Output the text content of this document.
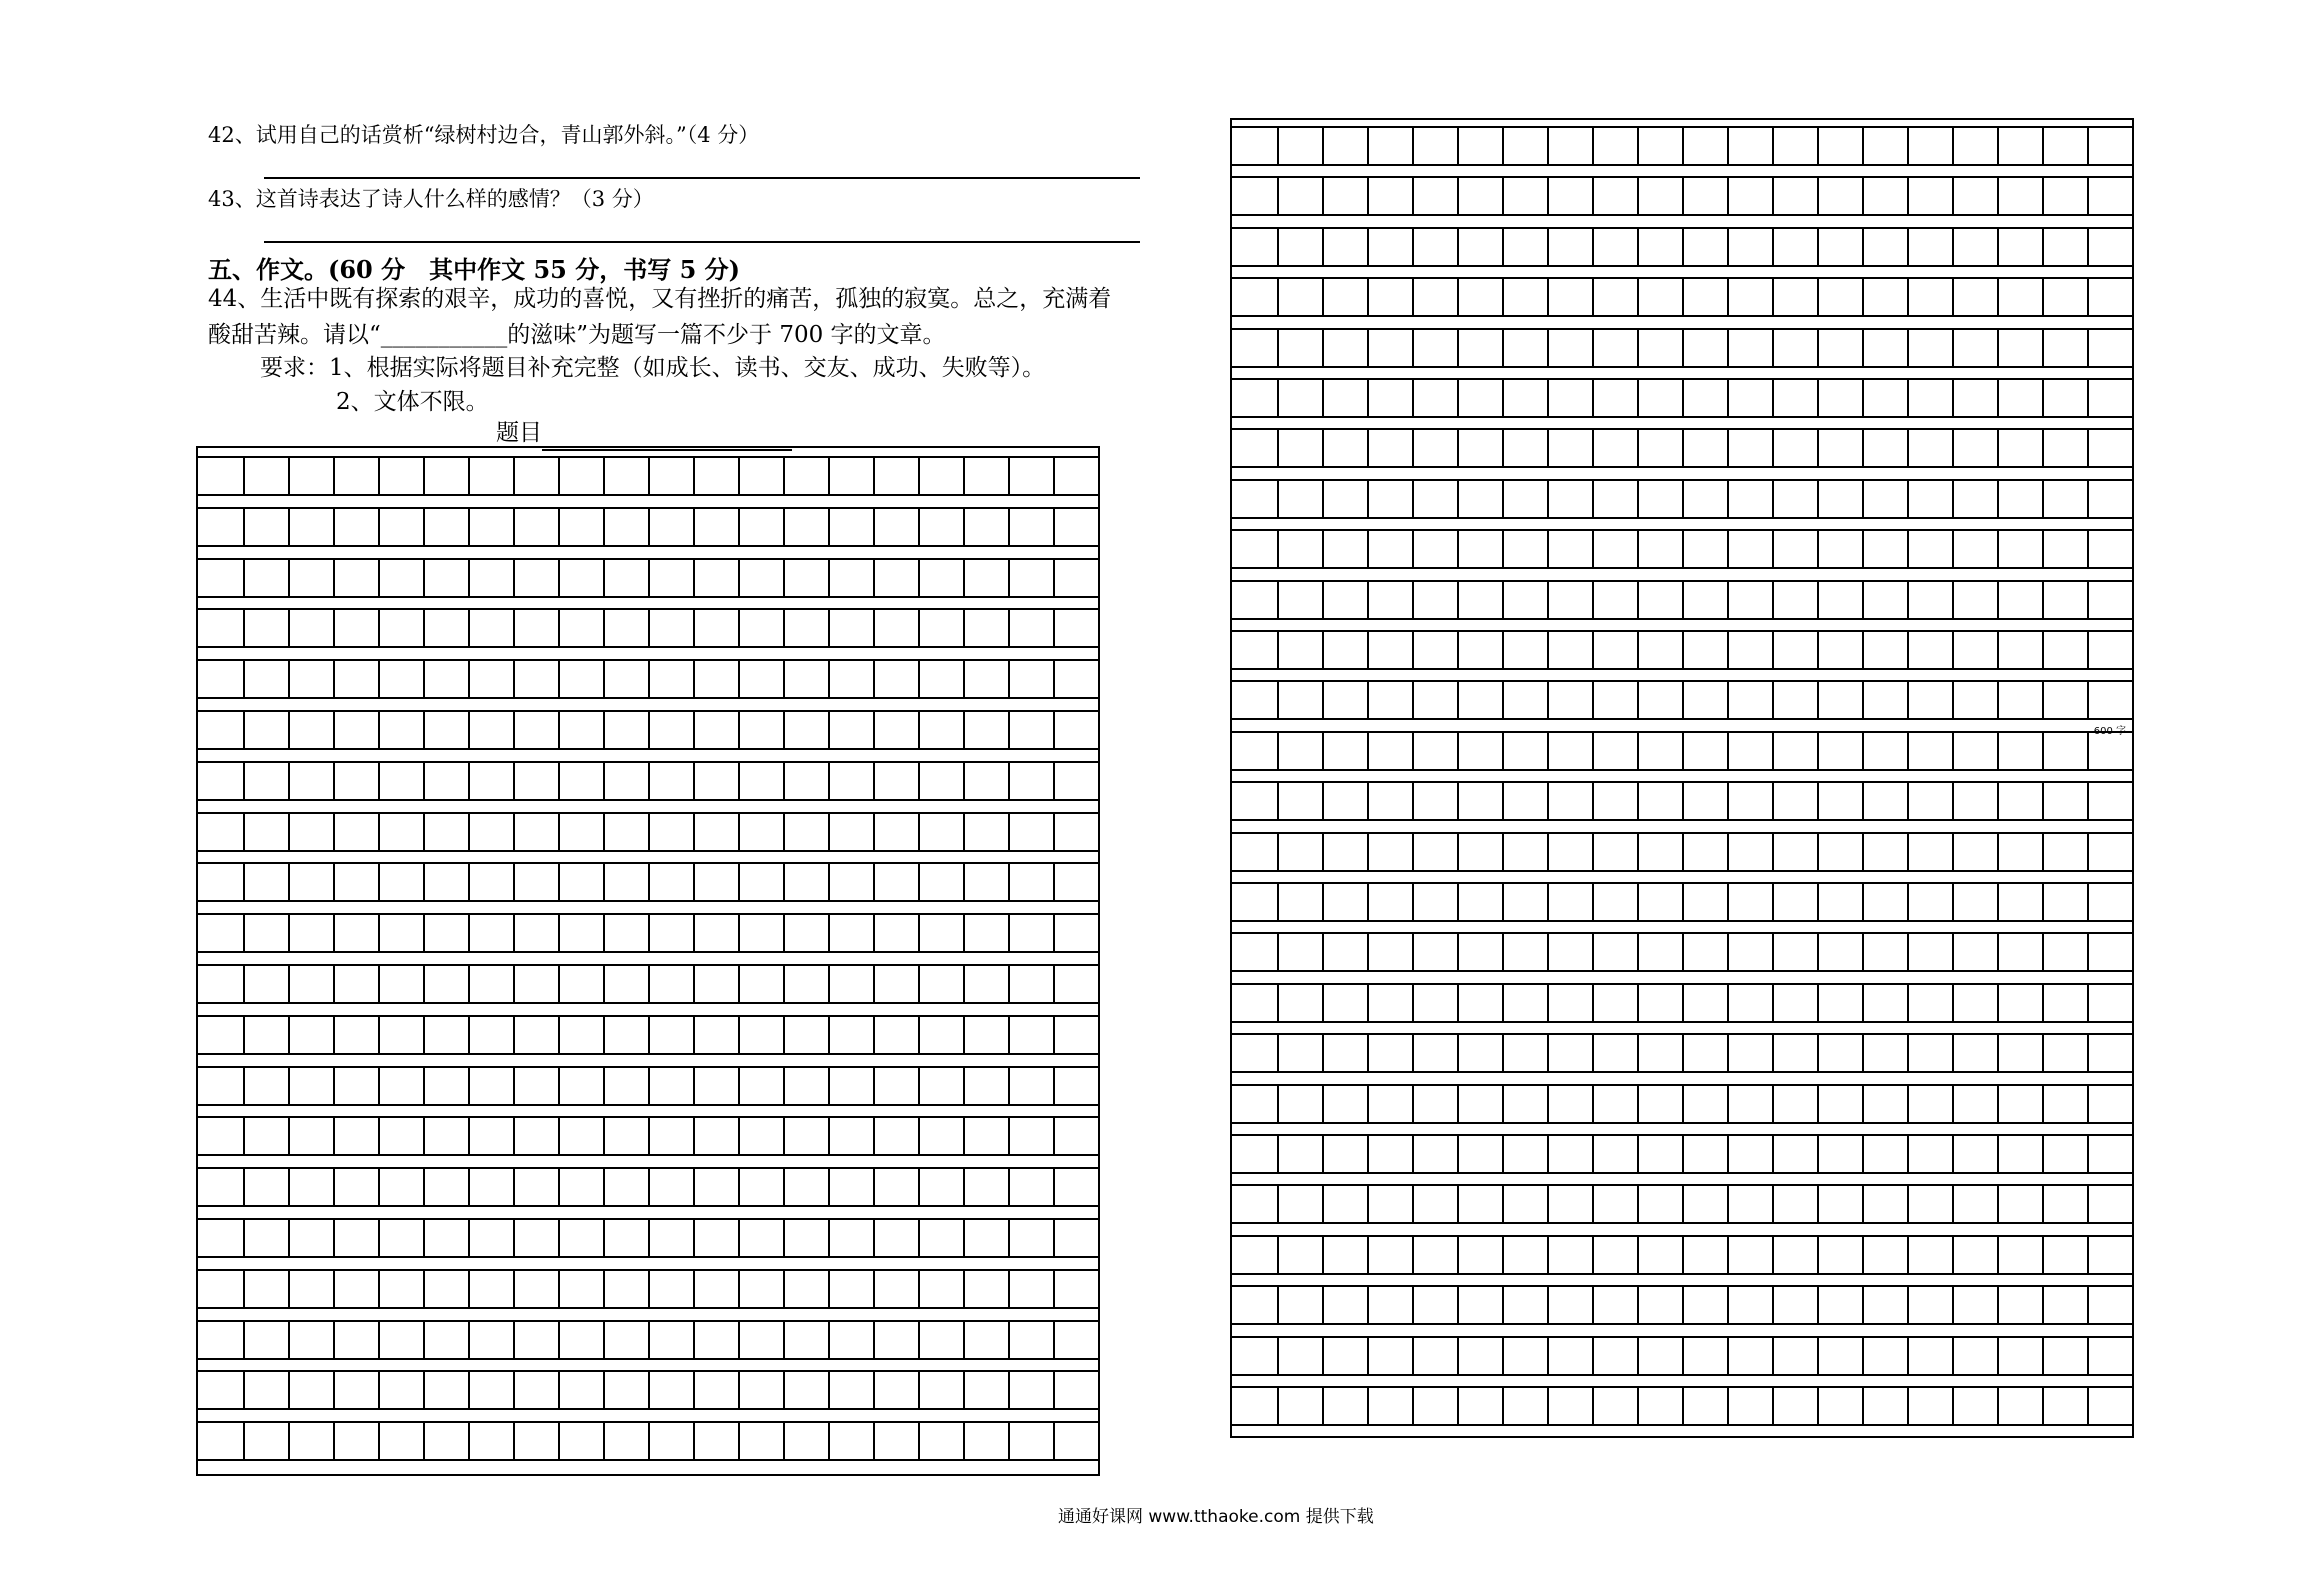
42、试用自己的话赏析“绿树村边合，青山郭外斜。”（4 分）
43、这首诗表达了诗人什么样的感情？（3 分）
五、作文。(60 分　其中作文 55 分，书写 5 分)
44、生活中既有探索的艰辛，成功的喜悦，又有挫折的痛苦，孤独的寂寞。总之，充满着
酸甜苦辣。请以“___________的滋味”为题写一篇不少于 700 字的文章。
要求：1、根据实际将题目补充完整（如成长、读书、交友、成功、失败等）。
2、文体不限。
题目
600 字
通通好课网 www.tthaoke.com 提供下载
